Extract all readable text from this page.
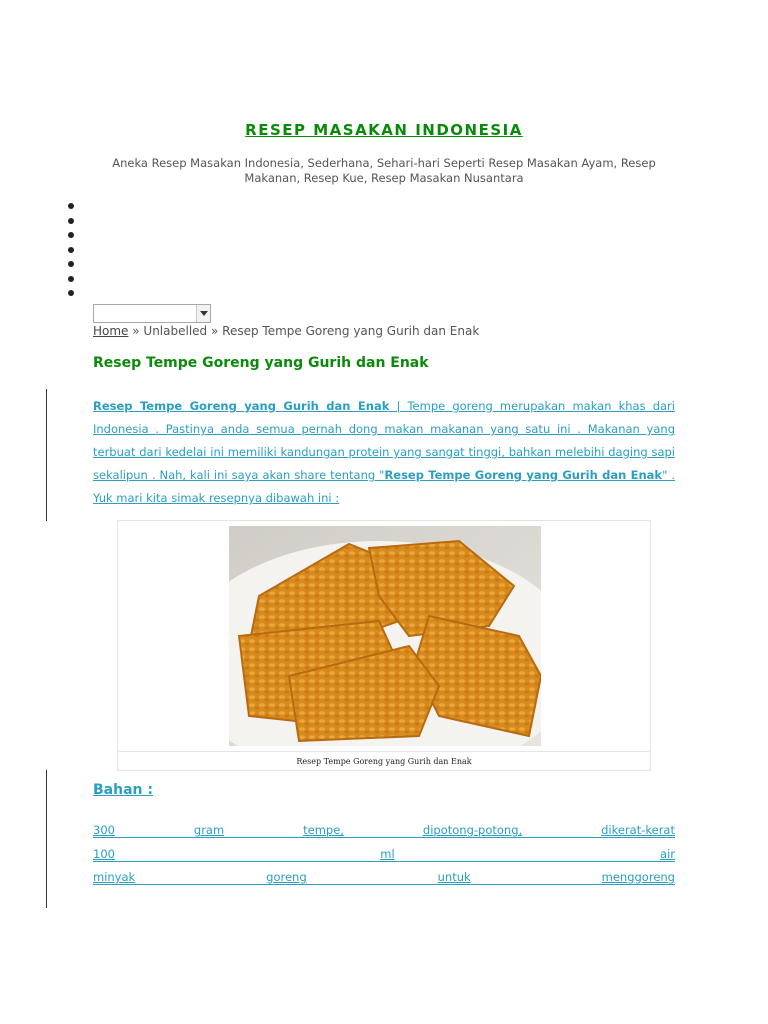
RESEP MASAKAN INDONESIA
Aneka Resep Masakan Indonesia, Sederhana, Sehari-hari Seperti Resep Masakan Ayam, Resep Makanan, Resep Kue, Resep Masakan Nusantara
Home » Unlabelled » Resep Tempe Goreng yang Gurih dan Enak
Resep Tempe Goreng yang Gurih dan Enak
Resep Tempe Goreng yang Gurih dan Enak | Tempe goreng merupakan makan khas dari Indonesia . Pastinya anda semua pernah dong makan makanan yang satu ini . Makanan yang terbuat dari kedelai ini memiliki kandungan protein yang sangat tinggi, bahkan melebihi daging sapi sekalipun . Nah, kali ini saya akan share tentang "Resep Tempe Goreng yang Gurih dan Enak" . Yuk mari kita simak resepnya dibawah ini :
Resep Tempe Goreng yang Gurih dan Enak
Bahan :
300	gram	tempe,	dipotong-potong,	dikerat-kerat
100	ml	air
minyak	goreng	untuk	menggoreng
